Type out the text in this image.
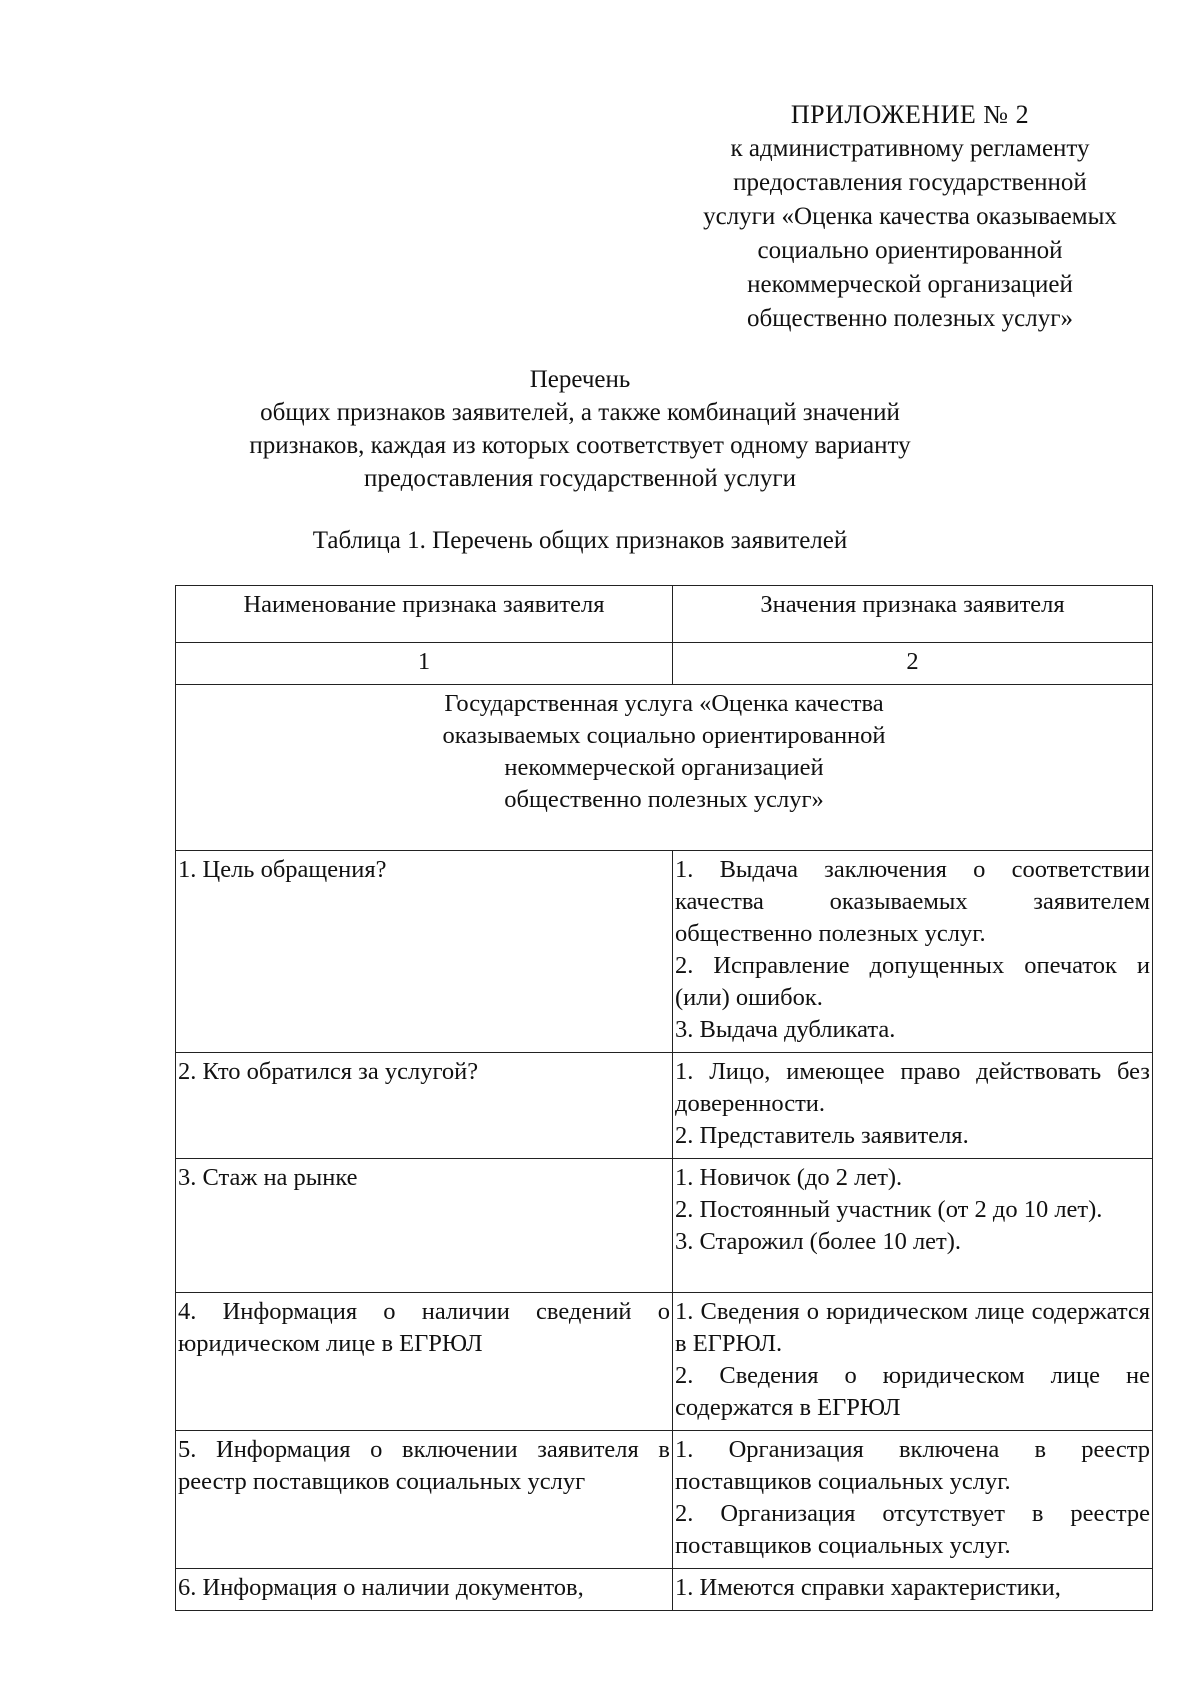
ПРИЛОЖЕНИЕ № 2
к административному регламенту
предоставления государственной
услуги «Оценка качества оказываемых
социально ориентированной
некоммерческой организацией
общественно полезных услуг»
Перечень
общих признаков заявителей, а также комбинаций значений
признаков, каждая из которых соответствует одному варианту
предоставления государственной услуги
Таблица 1. Перечень общих признаков заявителей
Наименование признака заявителя	Значения признака заявителя
1	2

Государственная услуга «Оценка качества
оказываемых социально ориентированной
некоммерческой организацией
общественно полезных услуг»	

1. Цель обращения?	1. Выдача заключения о соответствии качества оказываемых заявителем общественно полезных услуг.
2. Исправление допущенных опечаток и (или) ошибок.
3. Выдача дубликата.

2. Кто обратился за услугой?	1. Лицо, имеющее право действовать без доверенности.
2. Представитель заявителя.

3. Стаж на рынке	1. Новичок (до 2 лет).
2. Постоянный участник (от 2 до 10 лет).
3. Старожил (более 10 лет).

4. Информация о наличии сведений о юридическом лице в ЕГРЮЛ	1. Сведения о юридическом лице содержатся в ЕГРЮЛ.
2. Сведения о юридическом лице не содержатся в ЕГРЮЛ

5. Информация о включении заявителя в реестр поставщиков социальных услуг	1. Организация включена в реестр поставщиков социальных услуг.
2. Организация отсутствует в реестре поставщиков социальных услуг.

6. Информация о наличии документов,	1. Имеются справки характеристики,
